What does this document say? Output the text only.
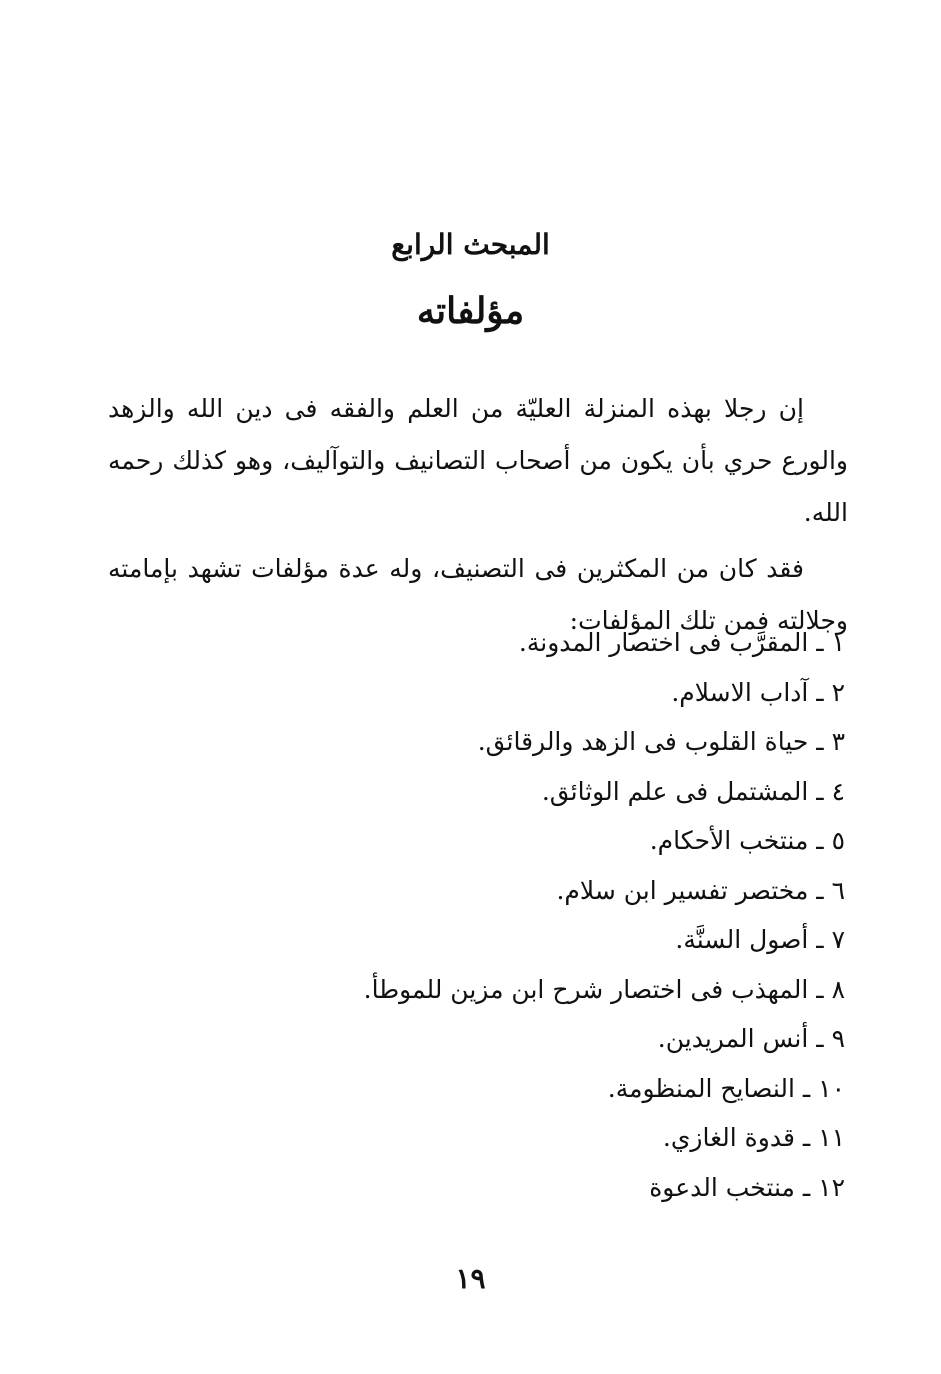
المبحث الرابع
مؤلفاته

إن رجلا بهذه المنزلة العليّة من العلم والفقه فى دين الله والزهد والورع حري بأن يكون من أصحاب التصانيف والتوآليف، وهو كذلك رحمه الله.

فقد كان من المكثرين فى التصنيف، وله عدة مؤلفات تشهد بإمامته وجلالته فمن تلك المؤلفات:

١ ـ المقرَّب فى اختصار المدونة.
٢ ـ آداب الاسلام.
٣ ـ حياة القلوب فى الزهد والرقائق.
٤ ـ المشتمل فى علم الوثائق.
٥ ـ منتخب الأحكام.
٦ ـ مختصر تفسير ابن سلام.
٧ ـ أصول السنَّة.
٨ ـ المهذب فى اختصار شرح ابن مزين للموطأ.
٩ ـ أنس المريدين.
١٠ ـ النصايح المنظومة.
١١ ـ قدوة الغازي.
١٢ ـ منتخب الدعوة
١٩
